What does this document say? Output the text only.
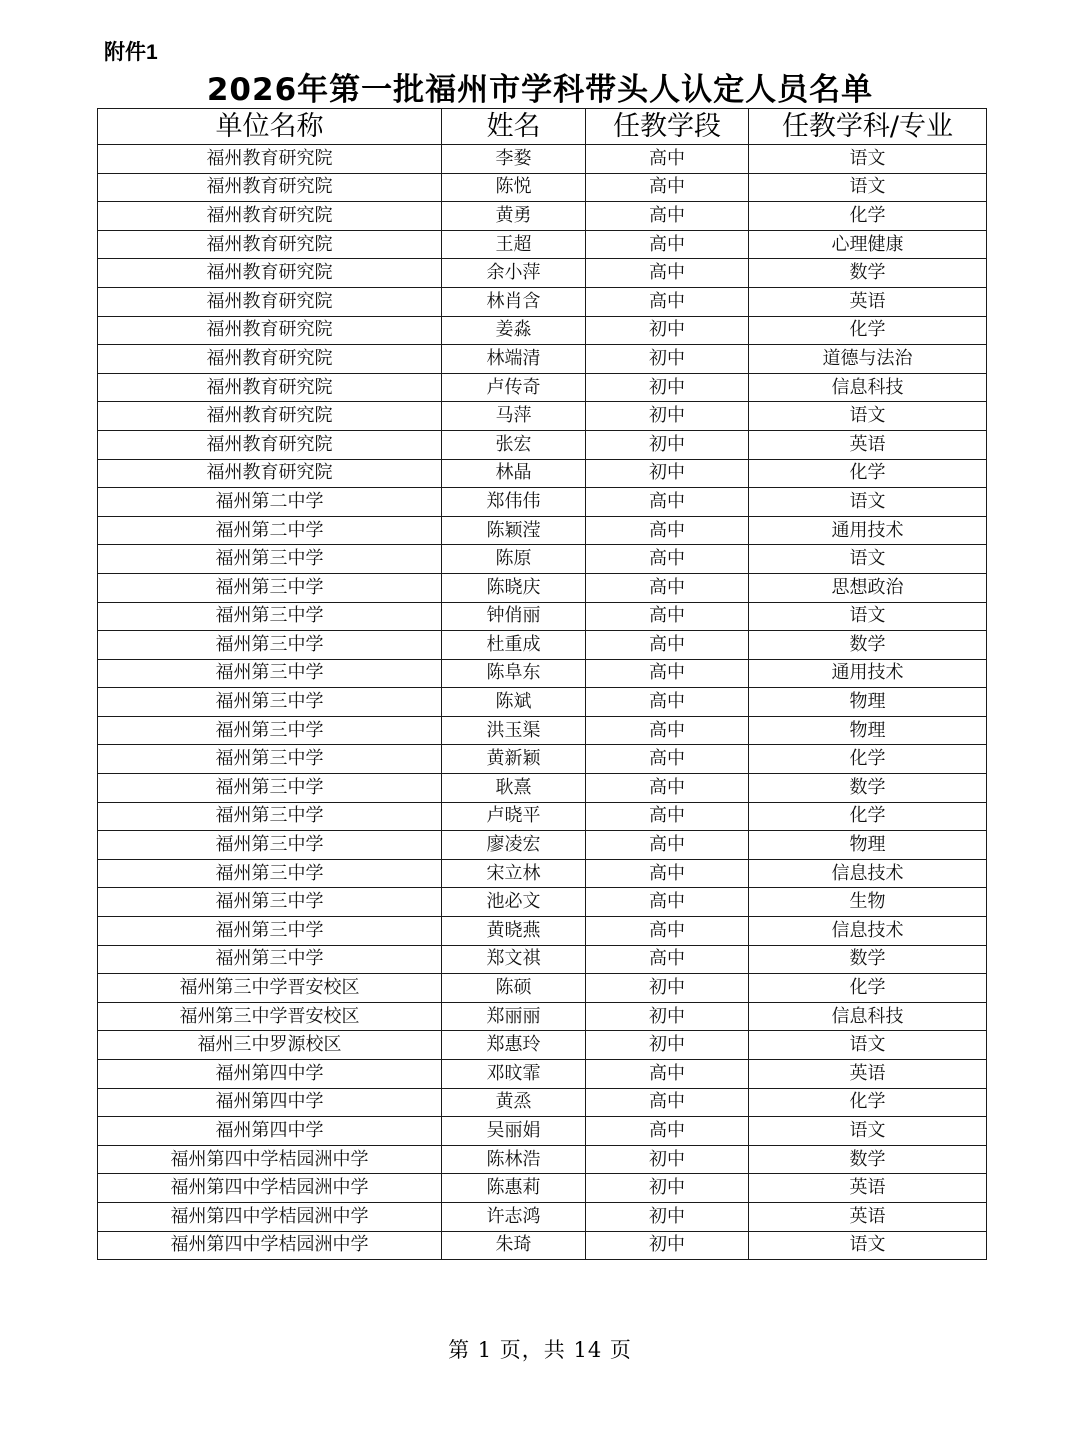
附件1
2026年第一批福州市学科带头人认定人员名单
单位名称	姓名	任教学段	任教学科/专业
福州教育研究院	李婺	高中	语文
福州教育研究院	陈悦	高中	语文
福州教育研究院	黄勇	高中	化学
福州教育研究院	王超	高中	心理健康
福州教育研究院	余小萍	高中	数学
福州教育研究院	林肖含	高中	英语
福州教育研究院	姜淼	初中	化学
福州教育研究院	林端清	初中	道德与法治
福州教育研究院	卢传奇	初中	信息科技
福州教育研究院	马萍	初中	语文
福州教育研究院	张宏	初中	英语
福州教育研究院	林晶	初中	化学
福州第二中学	郑伟伟	高中	语文
福州第二中学	陈颖滢	高中	通用技术
福州第三中学	陈原	高中	语文
福州第三中学	陈晓庆	高中	思想政治
福州第三中学	钟俏丽	高中	语文
福州第三中学	杜重成	高中	数学
福州第三中学	陈阜东	高中	通用技术
福州第三中学	陈斌	高中	物理
福州第三中学	洪玉渠	高中	物理
福州第三中学	黄新颖	高中	化学
福州第三中学	耿熹	高中	数学
福州第三中学	卢晓平	高中	化学
福州第三中学	廖凌宏	高中	物理
福州第三中学	宋立林	高中	信息技术
福州第三中学	池必文	高中	生物
福州第三中学	黄晓燕	高中	信息技术
福州第三中学	郑文祺	高中	数学
福州第三中学晋安校区	陈硕	初中	化学
福州第三中学晋安校区	郑丽丽	初中	信息科技
福州三中罗源校区	郑惠玲	初中	语文
福州第四中学	邓旼霏	高中	英语
福州第四中学	黄烝	高中	化学
福州第四中学	吴丽娟	高中	语文
福州第四中学桔园洲中学	陈林浩	初中	数学
福州第四中学桔园洲中学	陈惠莉	初中	英语
福州第四中学桔园洲中学	许志鸿	初中	英语
福州第四中学桔园洲中学	朱琦	初中	语文
第 1 页，共 14 页
